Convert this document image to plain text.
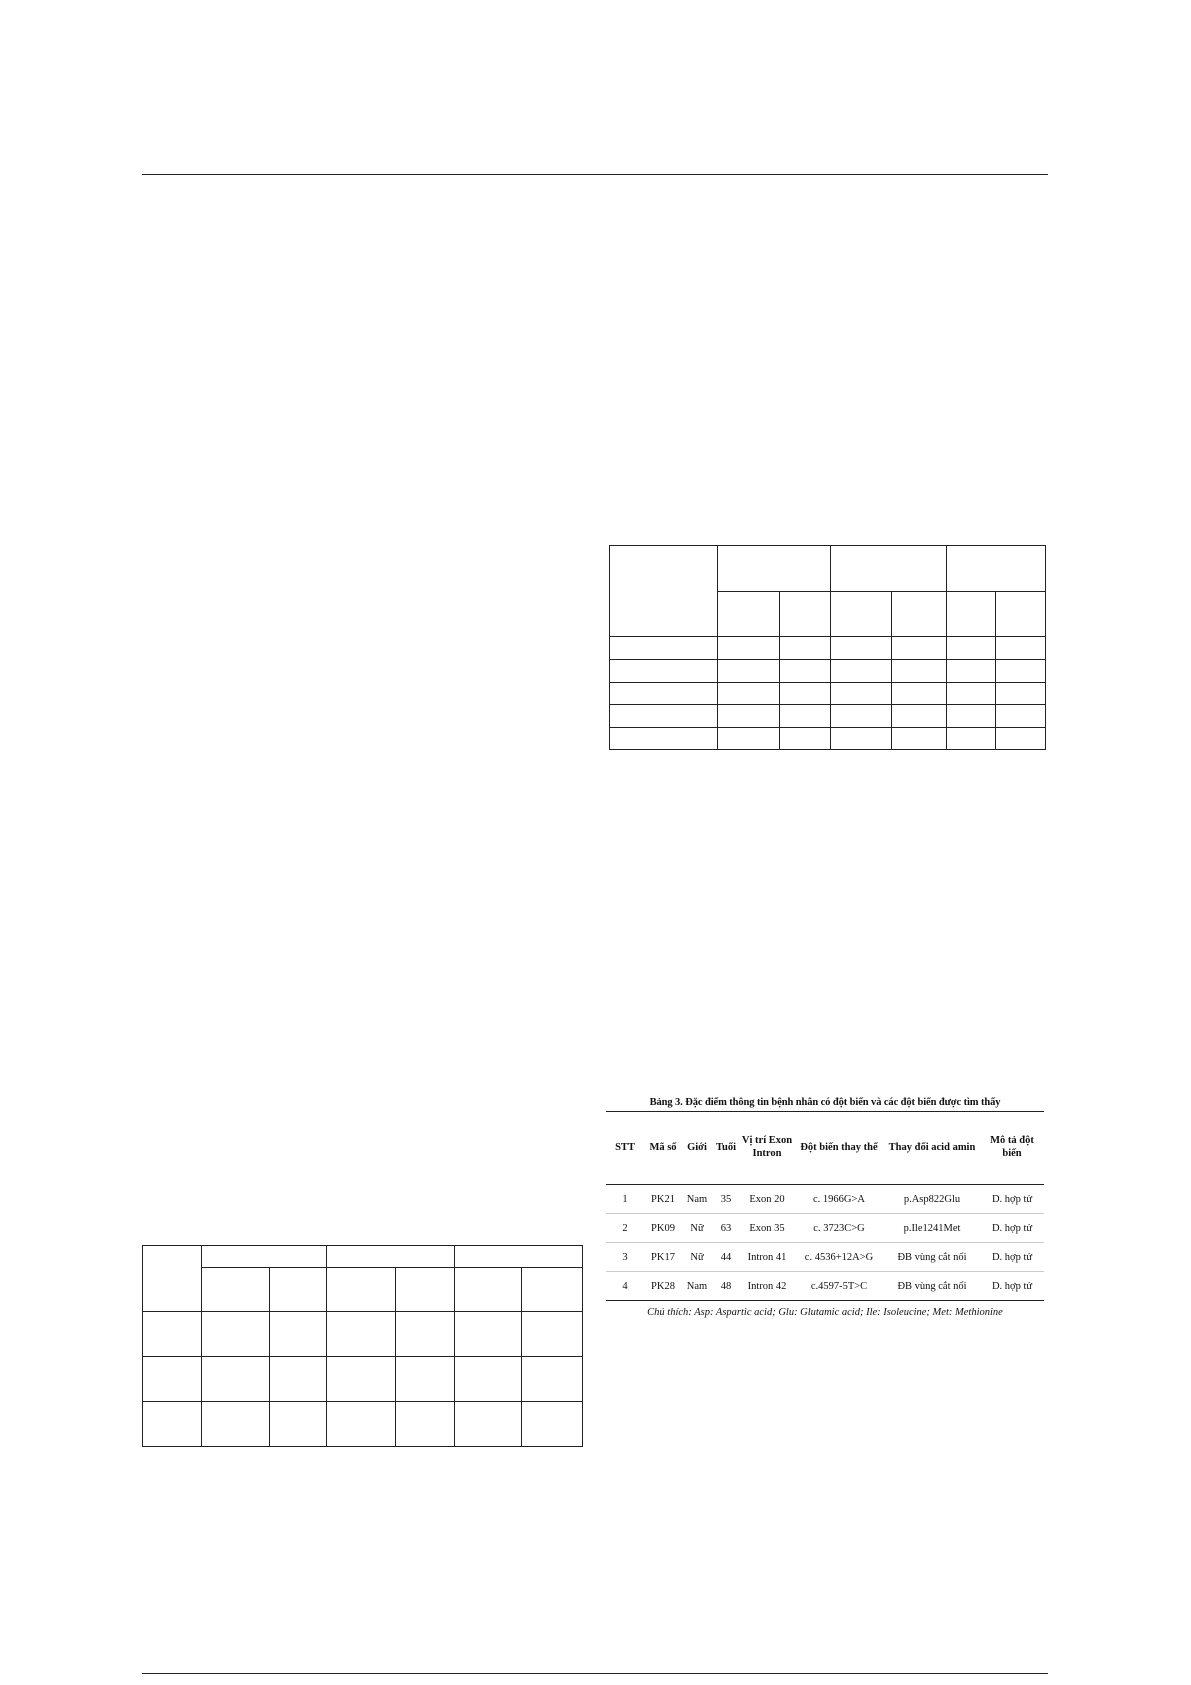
Bảng 3. Đặc điểm thông tin bệnh nhân có đột biến và các đột biến được tìm thấy
STT	Mã số	Giới	Tuổi	Vị trí Exon Intron	Đột biến thay thế	Thay đổi acid amin	Mô tả đột biến
1	PK21	Nam	35	Exon 20	c. 1966G>A	p.Asp822Glu	D. hợp tử
2	PK09	Nữ	63	Exon 35	c. 3723C>G	p.Ile1241Met	D. hợp tử
3	PK17	Nữ	44	Intron 41	c. 4536+12A>G	ĐB vùng cắt nối	D. hợp tử
4	PK28	Nam	48	Intron 42	c.4597-5T>C	ĐB vùng cắt nối	D. hợp tử
Chú thích: Asp: Aspartic acid; Glu: Glutamic acid; Ile: Isoleucine; Met: Methionine
